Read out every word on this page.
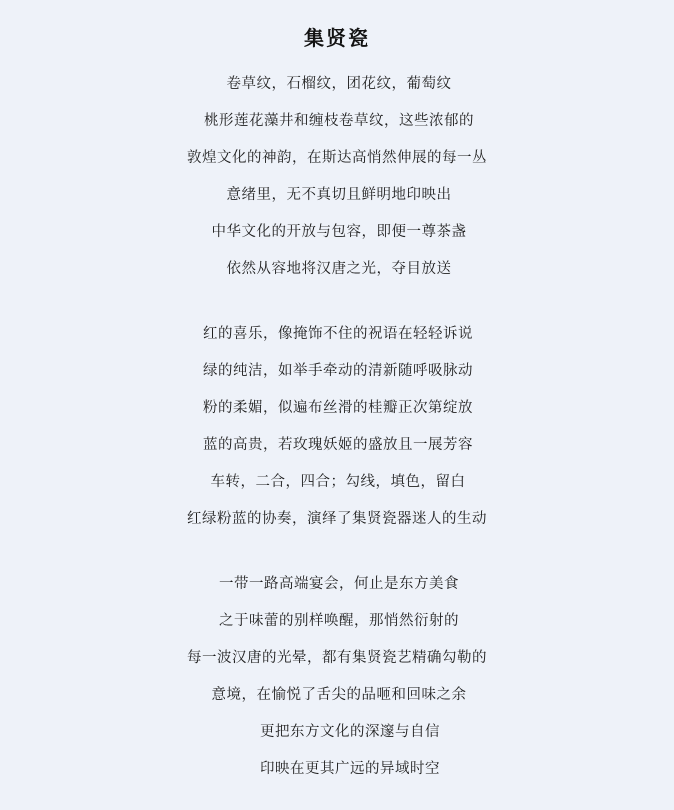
集贤瓷
卷草纹，石榴纹，团花纹，葡萄纹
桃形莲花藻井和缠枝卷草纹，这些浓郁的
敦煌文化的神韵，在斯达高悄然伸展的每一丛
意绪里，无不真切且鲜明地印映出
中华文化的开放与包容，即便一尊茶盏
依然从容地将汉唐之光，夺目放送
红的喜乐，像掩饰不住的祝语在轻轻诉说
绿的纯洁，如举手牵动的清新随呼吸脉动
粉的柔媚，似遍布丝滑的桂瓣正次第绽放
蓝的高贵，若玫瑰妖姬的盛放且一展芳容
车转，二合，四合；勾线，填色，留白
红绿粉蓝的协奏，演绎了集贤瓷器迷人的生动
一带一路高端宴会，何止是东方美食
之于味蕾的别样唤醒，那悄然衍射的
每一波汉唐的光晕，都有集贤瓷艺精确勾勒的
意境，在愉悦了舌尖的品咂和回味之余
更把东方文化的深邃与自信
印映在更其广远的异域时空
